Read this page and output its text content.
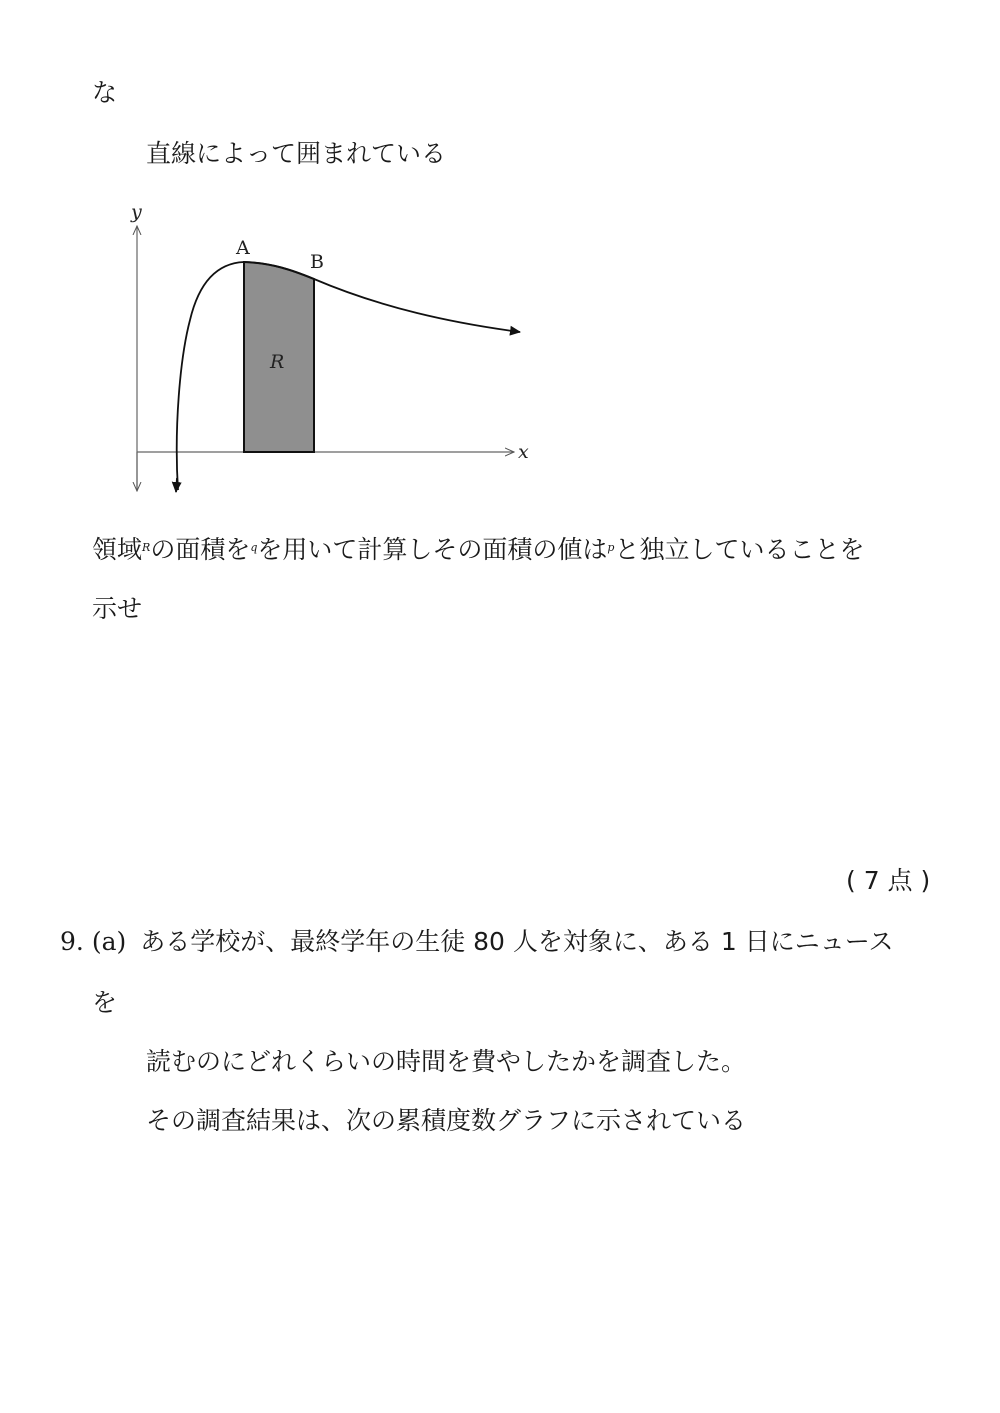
な
直線によって囲まれている
y
x
A
B
R
領域$^R$の面積を$^q$を用いて計算しその面積の値は$^p$と独立していることを
示せ
( 7 点 )
9. (a) ある学校が、最終学年の生徒 80 人を対象に、ある 1 日にニュース
を
読むのにどれくらいの時間を費やしたかを調査した。
その調査結果は、次の累積度数グラフに示されている
